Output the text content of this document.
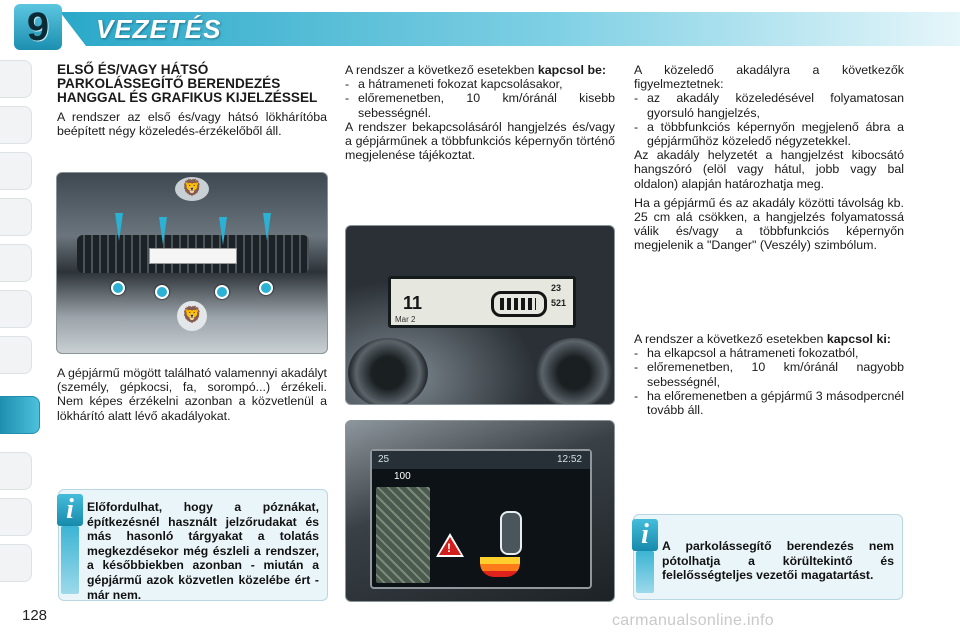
9	VEZETÉS
ELSŐ ÉS/VAGY HÁTSÓ PARKOLÁSSEGÍTŐ BERENDEZÉS HANGGAL ÉS GRAFIKUS KIJELZÉSSEL
A rendszer az első és/vagy hátsó lökhárítóba beépített négy közeledés-érzékelőből áll.
🦁
🦁
A gépjármű mögött található valamennyi akadályt (személy, gépkocsi, fa, sorompó...) érzékeli. Nem képes érzékelni azonban a közvetlenül a lökhárító alatt lévő akadályokat.
A rendszer a következő esetekben kapcsol be:
- a hátrameneti fokozat kapcsolásakor,
- előremenetben, 10 km/óránál kisebb sebességnél.
A rendszer bekapcsolásáról hangjelzés és/vagy a gépjárműnek a többfunkciós képernyőn történő megjelenése tájékoztat.
11
Mar 2
23
521
25	12:52
100
!
A közeledő akadályra a következők figyelmeztetnek:
- az akadály közeledésével folyamatosan gyorsuló hangjelzés,
- a többfunkciós képernyőn megjelenő ábra a gépjárműhöz közeledő négyzetekkel.
Az akadály helyzetét a hangjelzést kibocsátó hangszóró (elöl vagy hátul, jobb vagy bal oldalon) alapján határozhatja meg.
Ha a gépjármű és az akadály közötti távolság kb. 25 cm alá csökken, a hangjelzés folyamatossá válik és/vagy a többfunkciós képernyőn megjelenik a "Danger" (Veszély) szimbólum.
A rendszer a következő esetekben kapcsol ki:
- ha elkapcsol a hátrameneti fokozatból,
- előremenetben, 10 km/óránál nagyobb sebességnél,
- ha előremenetben a gépjármű 3 másodpercnél tovább áll.
i	Előfordulhat, hogy a póznákat, építkezésnél használt jelzőrudakat és más hasonló tárgyakat a tolatás megkezdésekor még észleli a rendszer, a későbbiekben azonban - miután a gépjármű azok közvetlen közelébe ért - már nem.
i	A parkolássegítő berendezés nem pótolhatja a körültekintő és felelősségteljes vezetői magatartást.
128	carmanualsonline.info
